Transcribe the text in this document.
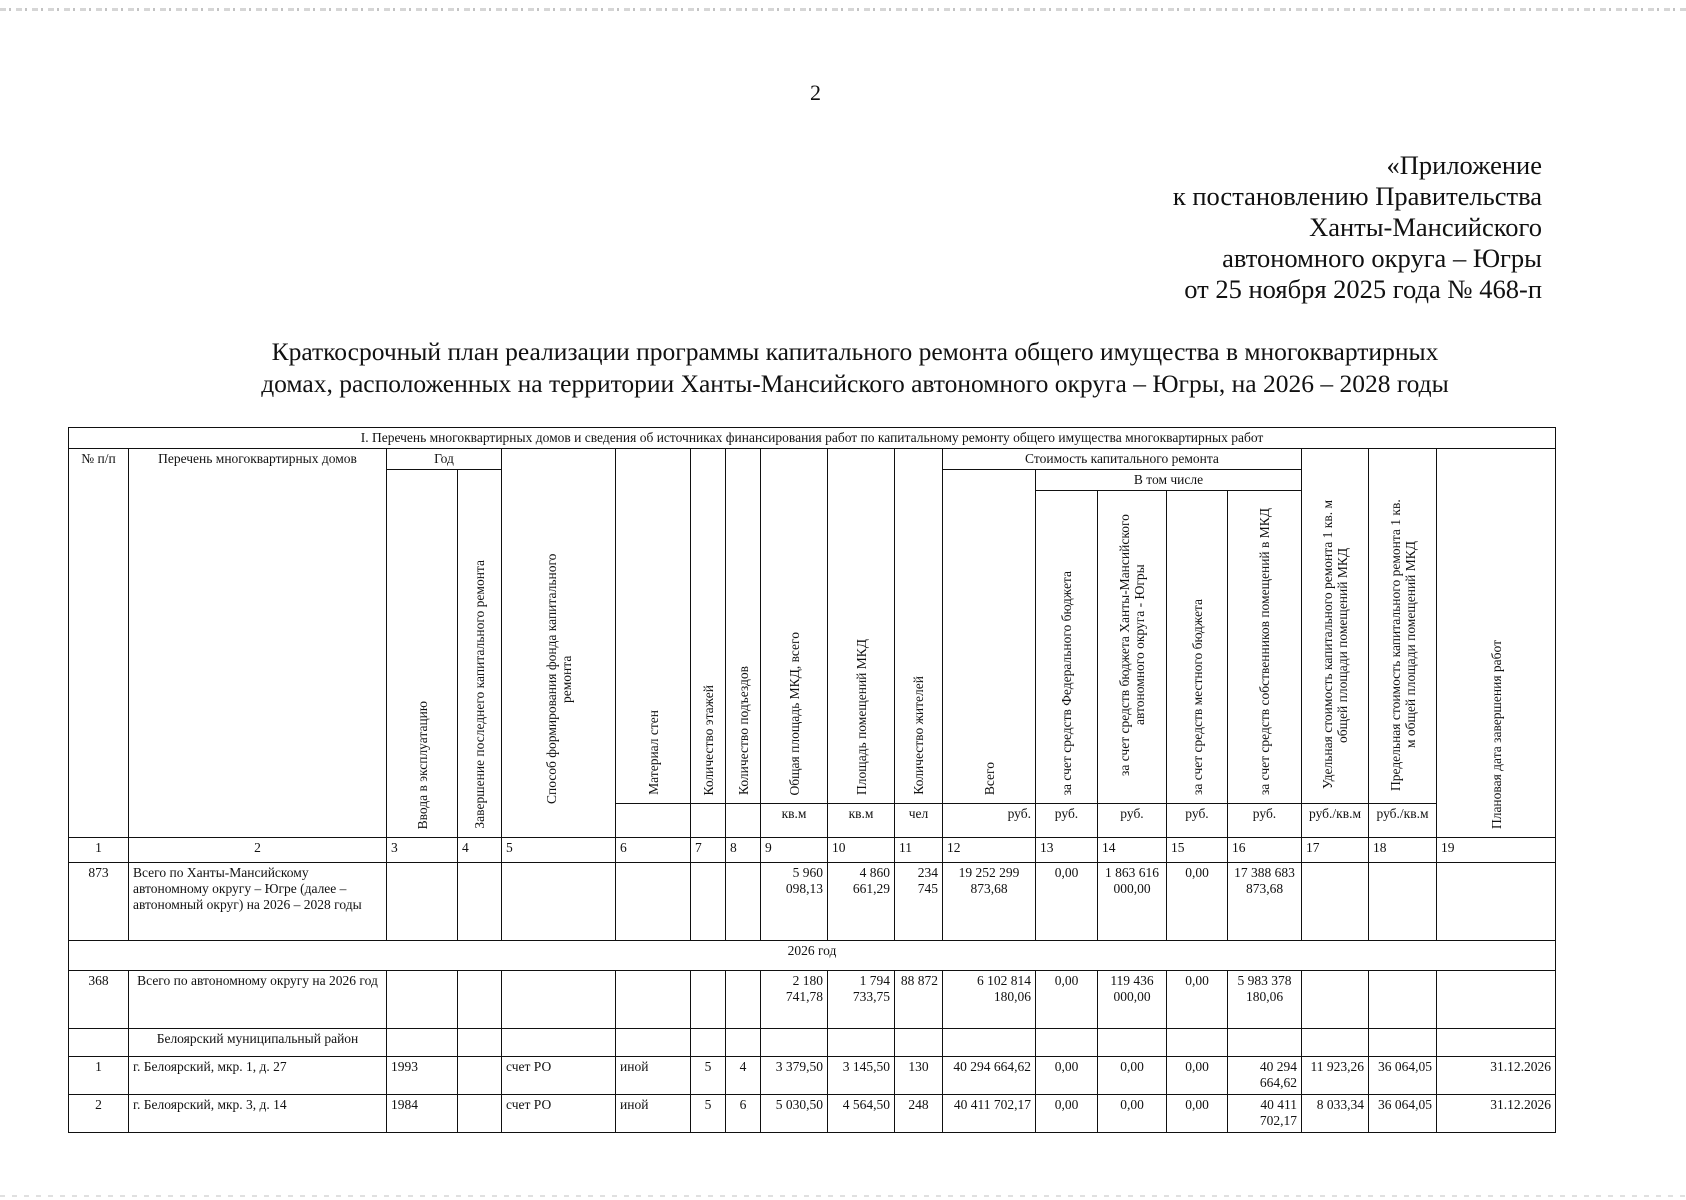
2
«Приложение
к постановлению Правительства
Ханты-Мансийского
автономного округа – Югры
от 25 ноября 2025 года № 468-п
Краткосрочный план реализации программы капитального ремонта общего имущества в многоквартирных
домах, расположенных на территории Ханты-Мансийского автономного округа – Югры, на 2026 – 2028 годы
I. Перечень многоквартирных домов и сведения об источниках финансирования работ по капитальному ремонту общего имущества многоквартирных работ																		
№ п/п	Перечень многоквартирных домов	Год		Способ формирования фонда капитального ремонта	Материал стен	Количество этажей	Количество подъездов	Общая площадь МКД, всего	Площадь помещений МКД	Количество жителей	Стоимость капитального ремонта					Удельная стоимость капитального ремонта 1 кв. м общей площади помещений МКД	Предельная стоимость капитального ремонта 1 кв. м общей площади помещений МКД	Плановая дата завершения работ
		Ввода в эксплуатацию	Завершение последнего капитального ремонта								Всего	В том числе						
												за счет средств Федерального бюджета	за счет средств бюджета Ханты-Мансийского автономного округа - Югры	за счет средств местного бюджета	за счет средств собственников помещений в МКД			
								кв.м	кв.м	чел	руб.	руб.	руб.	руб.	руб.	руб./кв.м	руб./кв.м	
1	2	3	4	5	6	7	8	9	10	11	12	13	14	15	16	17	18	19
873	Всего по Ханты-Мансийскому автономному округу – Югре (далее – автономный округ) на 2026 – 2028 годы							5 960 098,13	4 860 661,29	234 745	19 252 299 873,68	0,00	1 863 616 000,00	0,00	17 388 683 873,68			
2026 год																		
368	Всего по автономному округу на 2026 год							2 180 741,78	1 794 733,75	88 872	6 102 814 180,06	0,00	119 436 000,00	0,00	5 983 378 180,06			
	Белоярский муниципальный район																	
1	г. Белоярский, мкр. 1, д. 27	1993		счет РО	иной	5	4	3 379,50	3 145,50	130	40 294 664,62	0,00	0,00	0,00	40 294 664,62	11 923,26	36 064,05	31.12.2026
2	г. Белоярский, мкр. 3, д. 14	1984		счет РО	иной	5	6	5 030,50	4 564,50	248	40 411 702,17	0,00	0,00	0,00	40 411 702,17	8 033,34	36 064,05	31.12.2026
